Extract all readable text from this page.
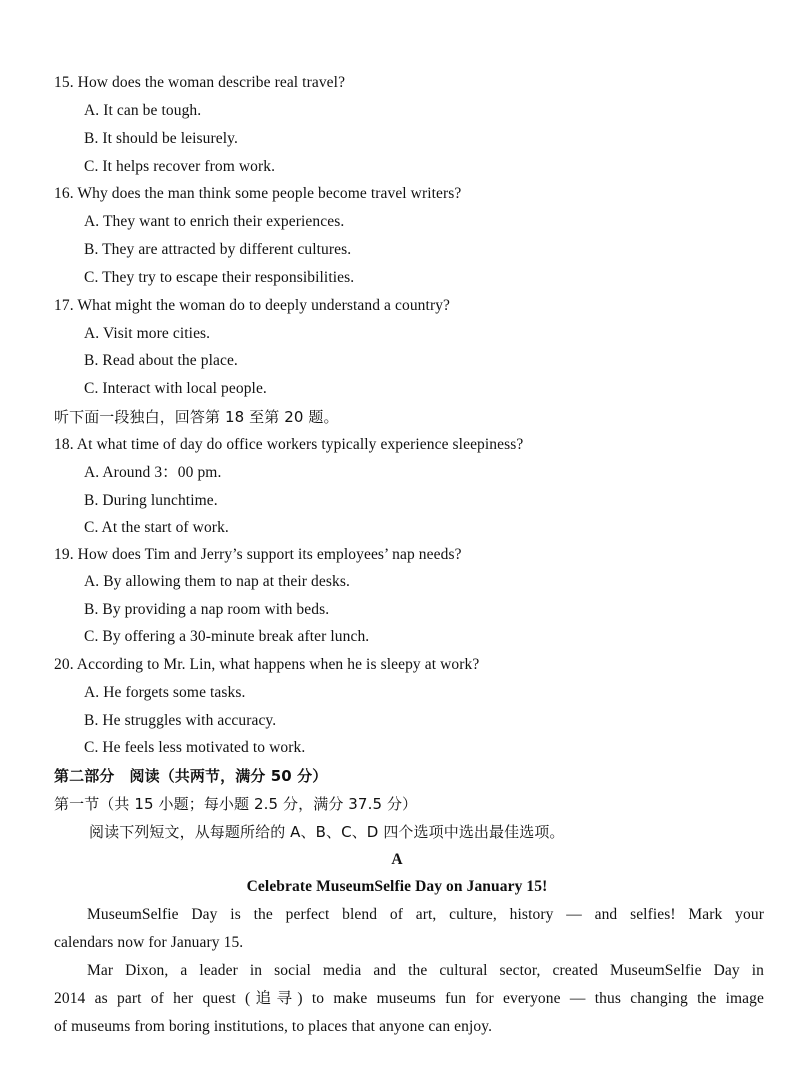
15. How does the woman describe real travel?
A. It can be tough.
B. It should be leisurely.
C. It helps recover from work.
16. Why does the man think some people become travel writers?
A. They want to enrich their experiences.
B. They are attracted by different cultures.
C. They try to escape their responsibilities.
17. What might the woman do to deeply understand a country?
A. Visit more cities.
B. Read about the place.
C. Interact with local people.
听下面一段独白，回答第 18 至第 20 题。
18. At what time of day do office workers typically experience sleepiness?
A. Around 3：00 pm.
B. During lunchtime.
C. At the start of work.
19. How does Tim and Jerry’s support its employees’ nap needs?
A. By allowing them to nap at their desks.
B. By providing a nap room with beds.
C. By offering a 30-minute break after lunch.
20. According to Mr. Lin, what happens when he is sleepy at work?
A. He forgets some tasks.
B. He struggles with accuracy.
C. He feels less motivated to work.
第二部分　阅读（共两节，满分 50 分）
第一节（共 15 小题；每小题 2.5 分，满分 37.5 分）
阅读下列短文，从每题所给的 A、B、C、D 四个选项中选出最佳选项。
A
Celebrate MuseumSelfie Day on January 15!
MuseumSelfie Day is the perfect blend of art, culture, history — and selfies! Mark your
calendars now for January 15.
Mar Dixon, a leader in social media and the cultural sector, created MuseumSelfie Day in
2014 as part of her quest (追寻) to make museums fun for everyone — thus changing the image
of museums from boring institutions, to places that anyone can enjoy.
